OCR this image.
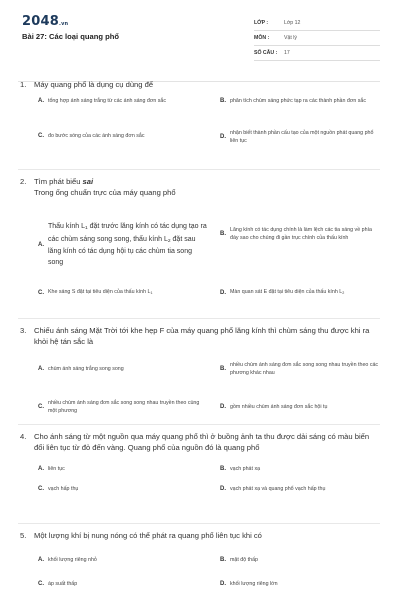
2048.vn
Bài 27: Các loại quang phổ
LỚP :	Lớp 12
MÔN :	Vật lý
SỐ CÂU :	17
1.	Máy quang phổ là dụng cụ dùng để
A. tổng hợp ánh sáng trắng từ các ánh sáng đơn sắc	B. phân tích chùm sáng phức tạp ra các thành phần đơn sắc
C. đo bước sóng của các ánh sáng đơn sắc	D.
nhận biết thành phần cấu tạo của một nguồn phát quang phổ liên tục
2.	Tìm phát biểu sai
Trong ống chuẩn trực của máy quang phổ
A.
Thấu kính $L_1$ đặt trước lăng kính có tác dụng tạo ra các chùm sáng song song, thấu kính $L_2$ đặt sau lăng kính có tác dụng hội tụ các chùm tia song song
B.
Lăng kính có tác dụng chính là làm lệch các tia sáng về phía đáy sao cho chúng đi gần trục chính của thấu kính
C. Khe sáng S đặt tại tiêu diện của thấu kính $L_1$	D. Màn quan sát E đặt tại tiêu diện của thấu kính $L_2$
3.	Chiếu ánh sáng Mặt Trời tới khe hẹp F của máy quang phổ lăng kính thì chùm sáng thu được khi ra khỏi hệ tán sắc là
A. chùm ánh sáng trắng song song	B.
nhiều chùm ánh sáng đơn sắc song song nhau truyền theo các phương khác nhau
C.
nhiều chùm ánh sáng đơn sắc song song nhau truyền theo cùng một phương
D. gồm nhiều chùm ánh sáng đơn sắc hội tụ
4.	Cho ánh sáng từ một nguồn qua máy quang phổ thì ở buồng ảnh ta thu được dải sáng có màu biến đổi liên tục từ đỏ đến vàng. Quang phổ của nguồn đó là quang phổ
A. liên tục	B. vạch phát xạ
C. vạch hấp thụ	D. vạch phát xạ và quang phổ vạch hấp thụ
5.	Một lượng khí bị nung nóng có thể phát ra quang phổ liên tục khi có
A. khối lượng riêng nhỏ	B. mật độ thấp
C. áp suất thấp	D. khối lượng riêng lớn
